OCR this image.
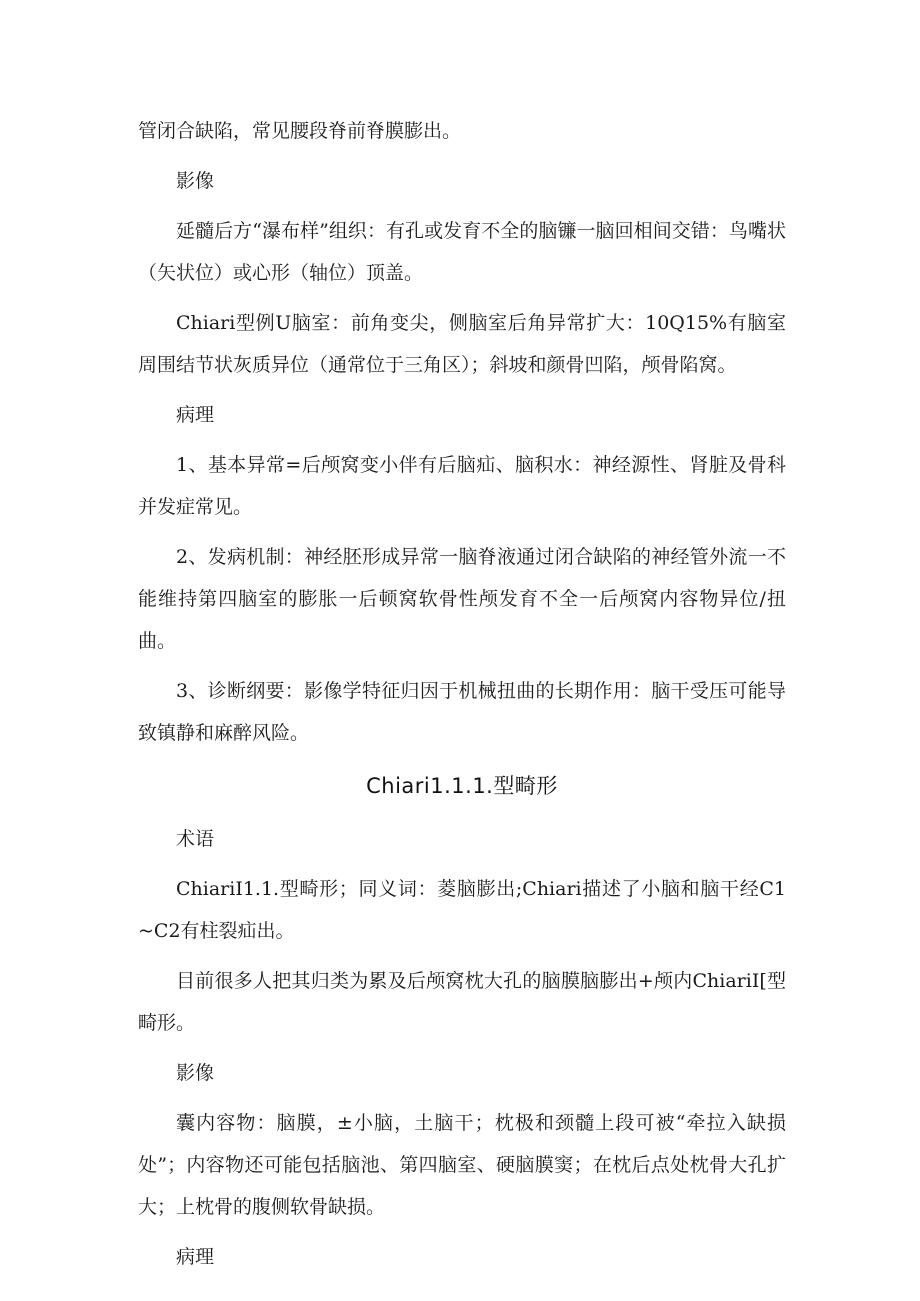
管闭合缺陷，常见腰段脊前脊膜膨出。

影像

延髓后方“瀑布样”组织：有孔或发育不全的脑镰一脑回相间交错：鸟嘴状（矢状位）或心形（轴位）顶盖。

Chiari型例U脑室：前角变尖，侧脑室后角异常扩大：10Q15%有脑室周围结节状灰质异位（通常位于三角区）；斜坡和颜骨凹陷，颅骨陷窝。

病理

1、基本异常=后颅窝变小伴有后脑疝、脑积水：神经源性、肾脏及骨科并发症常见。

2、发病机制：神经胚形成异常一脑脊液通过闭合缺陷的神经管外流一不能维持第四脑室的膨胀一后顿窝软骨性颅发育不全一后颅窝内容物异位/扭曲。

3、诊断纲要：影像学特征归因于机械扭曲的长期作用：脑干受压可能导致镇静和麻醉风险。

Chiari1.1.1.型畸形

术语

ChiariI1.1.型畸形；同义词：菱脑膨出;Chiari描述了小脑和脑干经C1~C2有柱裂疝出。

目前很多人把其归类为累及后颅窝枕大孔的脑膜脑膨出+颅内ChiariI[型畸形。

影像

囊内容物：脑膜，±小脑，土脑干；枕极和颈髓上段可被“牵拉入缺损处”；内容物还可能包括脑池、第四脑室、硬脑膜窦；在枕后点处枕骨大孔扩大；上枕骨的腹侧软骨缺损。

病理
